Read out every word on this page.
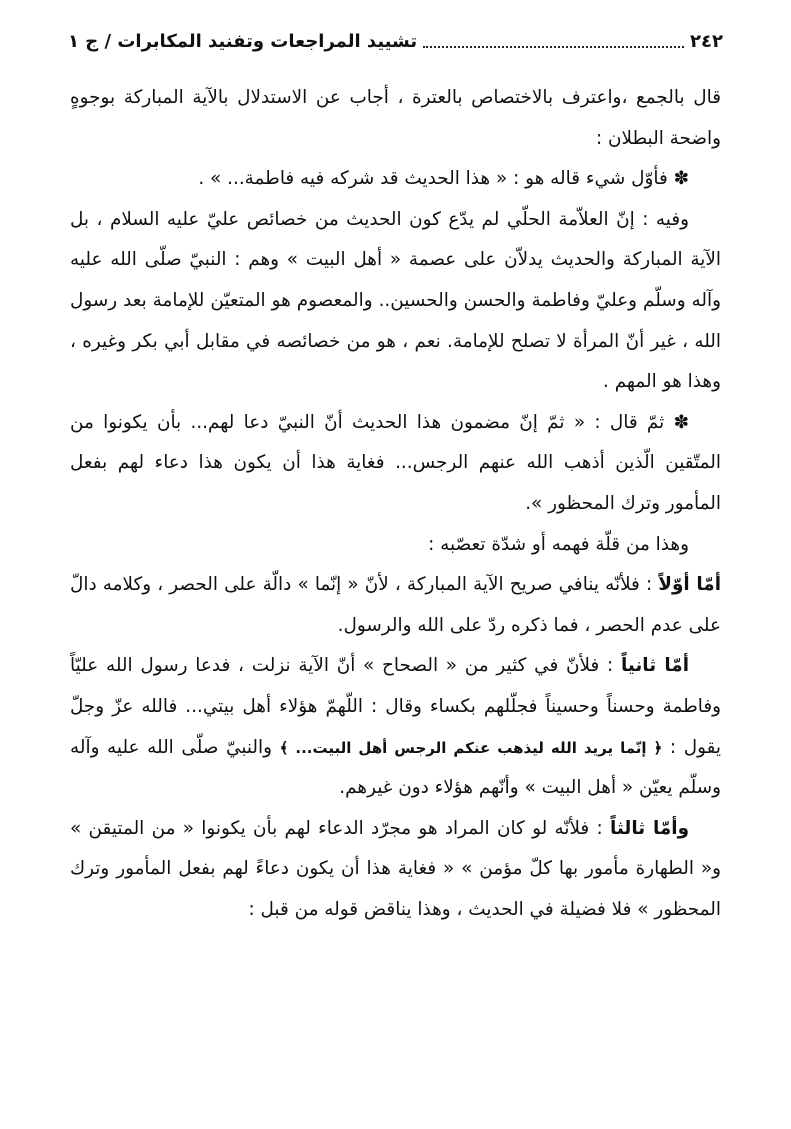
٢٤٢
تشييد المراجعات وتفنيد المكابرات / ج ١

قال بالجمع ،واعترف بالاختصاص بالعترة ، أجاب عن الاستدلال بالآية المباركة بوجوهٍ واضحة البطلان :

✽ فأوّل شيء قاله هو : « هذا الحديث قد شركه فيه فاطمة... » .

وفيه : إنّ العلاّمة الحلّي لم يدّع كون الحديث من خصائص عليّ عليه السلام ، بل الآية المباركة والحديث يدلاّن على عصمة « أهل البيت » وهم : النبيّ صلّى الله عليه وآله وسلّم وعليّ وفاطمة والحسن والحسين.. والمعصوم هو المتعيّن للإمامة بعد رسول الله ، غير أنّ المرأة لا تصلح للإمامة. نعم ، هو من خصائصه في مقابل أبي بكر وغيره ، وهذا هو المهم .

✽ ثمّ قال : « ثمّ إنّ مضمون هذا الحديث أنّ النبيّ دعا لهم... بأن يكونوا من المتّقين الّذين أذهب الله عنهم الرجس... فغاية هذا أن يكون هذا دعاء لهم بفعل المأمور وترك المحظور ».

وهذا من قلّة فهمه أو شدّة تعصّبه :

أمّا أوّلاً : فلأنّه ينافي صريح الآية المباركة ، لأنّ « إنّما » دالّة على الحصر ، وكلامه دالّ على عدم الحصر ، فما ذكره ردّ على الله والرسول.

أمّا ثانياً : فلأنّ في كثير من « الصحاح » أنّ الآية نزلت ، فدعا رسول الله عليّاً وفاطمة وحسناً وحسيناً فجلّلهم بكساء وقال : اللّهمّ هؤلاء أهل بيتي... فالله عزّ وجلّ يقول : ﴿ إنّما يريد الله ليذهب عنكم الرجس أهل البيت... ﴾ والنبيّ صلّى الله عليه وآله وسلّم يعيّن « أهل البيت » وأنّهم هؤلاء دون غيرهم.

وأمّا ثالثاً : فلأنّه لو كان المراد هو مجرّد الدعاء لهم بأن يكونوا « من المتيقن » و« الطهارة مأمور بها كلّ مؤمن » « فغاية هذا أن يكون دعاءً لهم بفعل المأمور وترك المحظور » فلا فضيلة في الحديث ، وهذا يناقض قوله من قبل :
